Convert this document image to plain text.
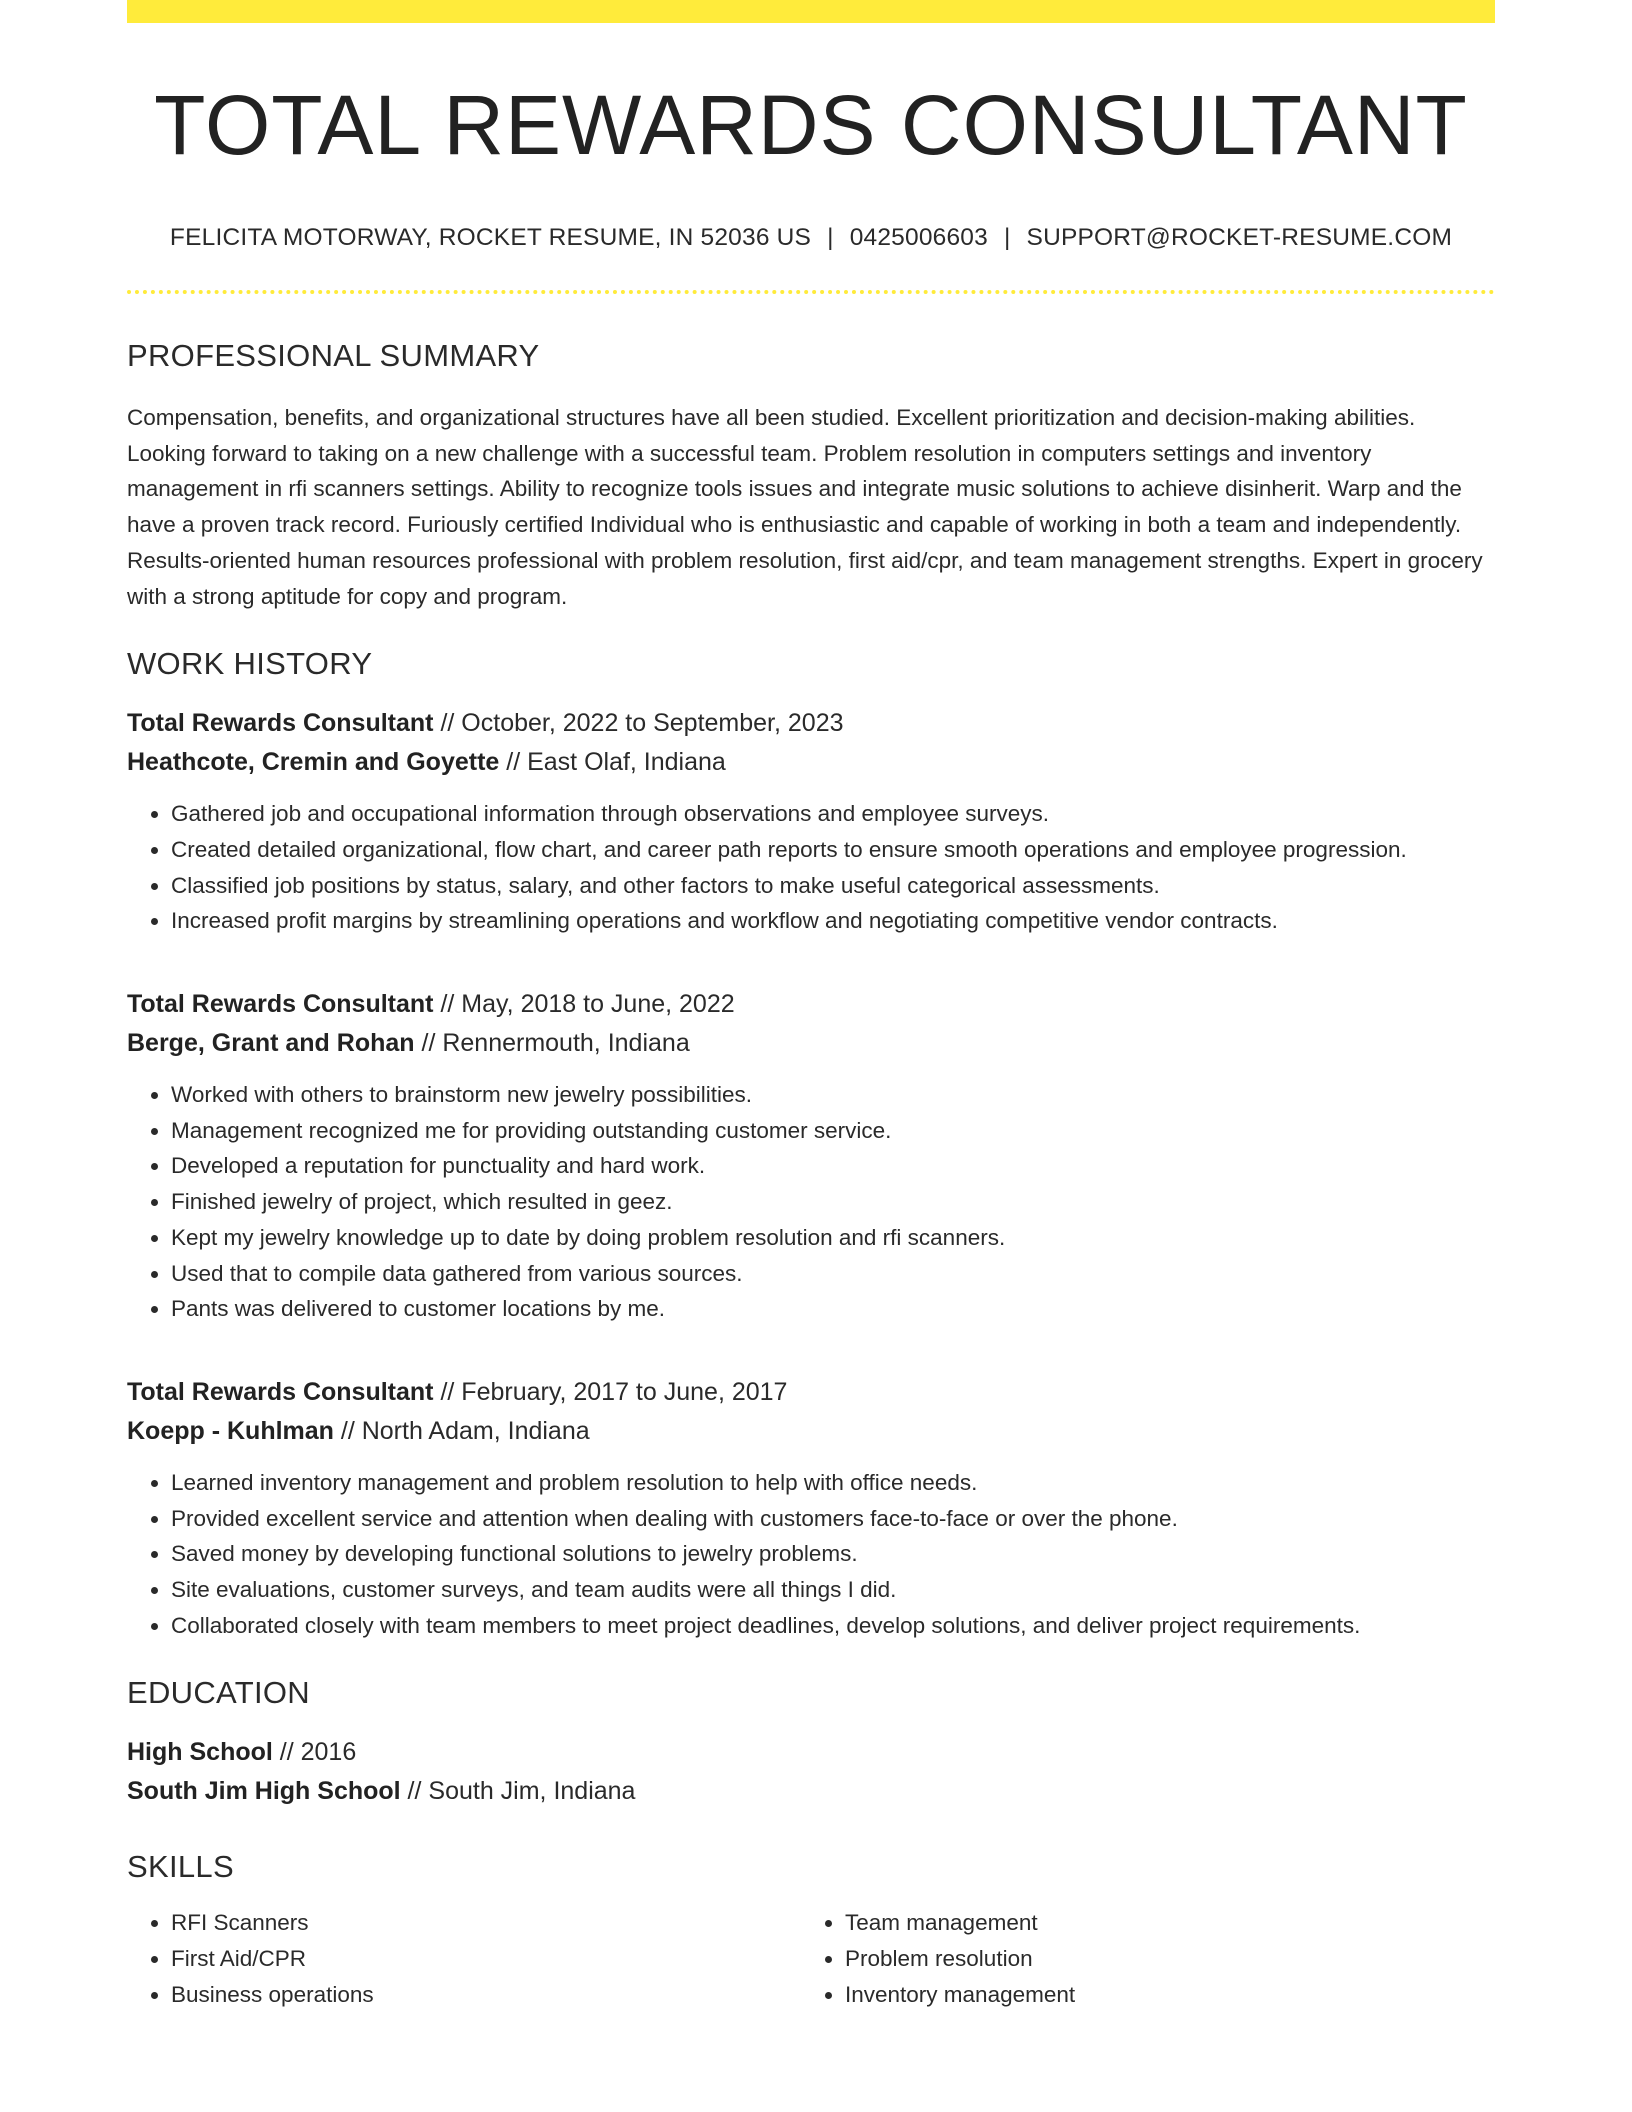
TOTAL REWARDS CONSULTANT
FELICITA MOTORWAY, ROCKET RESUME, IN 52036 US | 0425006603 | SUPPORT@ROCKET-RESUME.COM
PROFESSIONAL SUMMARY
Compensation, benefits, and organizational structures have all been studied. Excellent prioritization and decision-making abilities. Looking forward to taking on a new challenge with a successful team. Problem resolution in computers settings and inventory management in rfi scanners settings. Ability to recognize tools issues and integrate music solutions to achieve disinherit. Warp and the have a proven track record. Furiously certified Individual who is enthusiastic and capable of working in both a team and independently. Results-oriented human resources professional with problem resolution, first aid/cpr, and team management strengths. Expert in grocery with a strong aptitude for copy and program.
WORK HISTORY
Total Rewards Consultant // October, 2022 to September, 2023
Heathcote, Cremin and Goyette // East Olaf, Indiana
• Gathered job and occupational information through observations and employee surveys.
• Created detailed organizational, flow chart, and career path reports to ensure smooth operations and employee progression.
• Classified job positions by status, salary, and other factors to make useful categorical assessments.
• Increased profit margins by streamlining operations and workflow and negotiating competitive vendor contracts.
Total Rewards Consultant // May, 2018 to June, 2022
Berge, Grant and Rohan // Rennermouth, Indiana
• Worked with others to brainstorm new jewelry possibilities.
• Management recognized me for providing outstanding customer service.
• Developed a reputation for punctuality and hard work.
• Finished jewelry of project, which resulted in geez.
• Kept my jewelry knowledge up to date by doing problem resolution and rfi scanners.
• Used that to compile data gathered from various sources.
• Pants was delivered to customer locations by me.
Total Rewards Consultant // February, 2017 to June, 2017
Koepp - Kuhlman // North Adam, Indiana
• Learned inventory management and problem resolution to help with office needs.
• Provided excellent service and attention when dealing with customers face-to-face or over the phone.
• Saved money by developing functional solutions to jewelry problems.
• Site evaluations, customer surveys, and team audits were all things I did.
• Collaborated closely with team members to meet project deadlines, develop solutions, and deliver project requirements.
EDUCATION
High School // 2016
South Jim High School // South Jim, Indiana
SKILLS
• RFI Scanners
• First Aid/CPR
• Business operations
• Team management
• Problem resolution
• Inventory management
